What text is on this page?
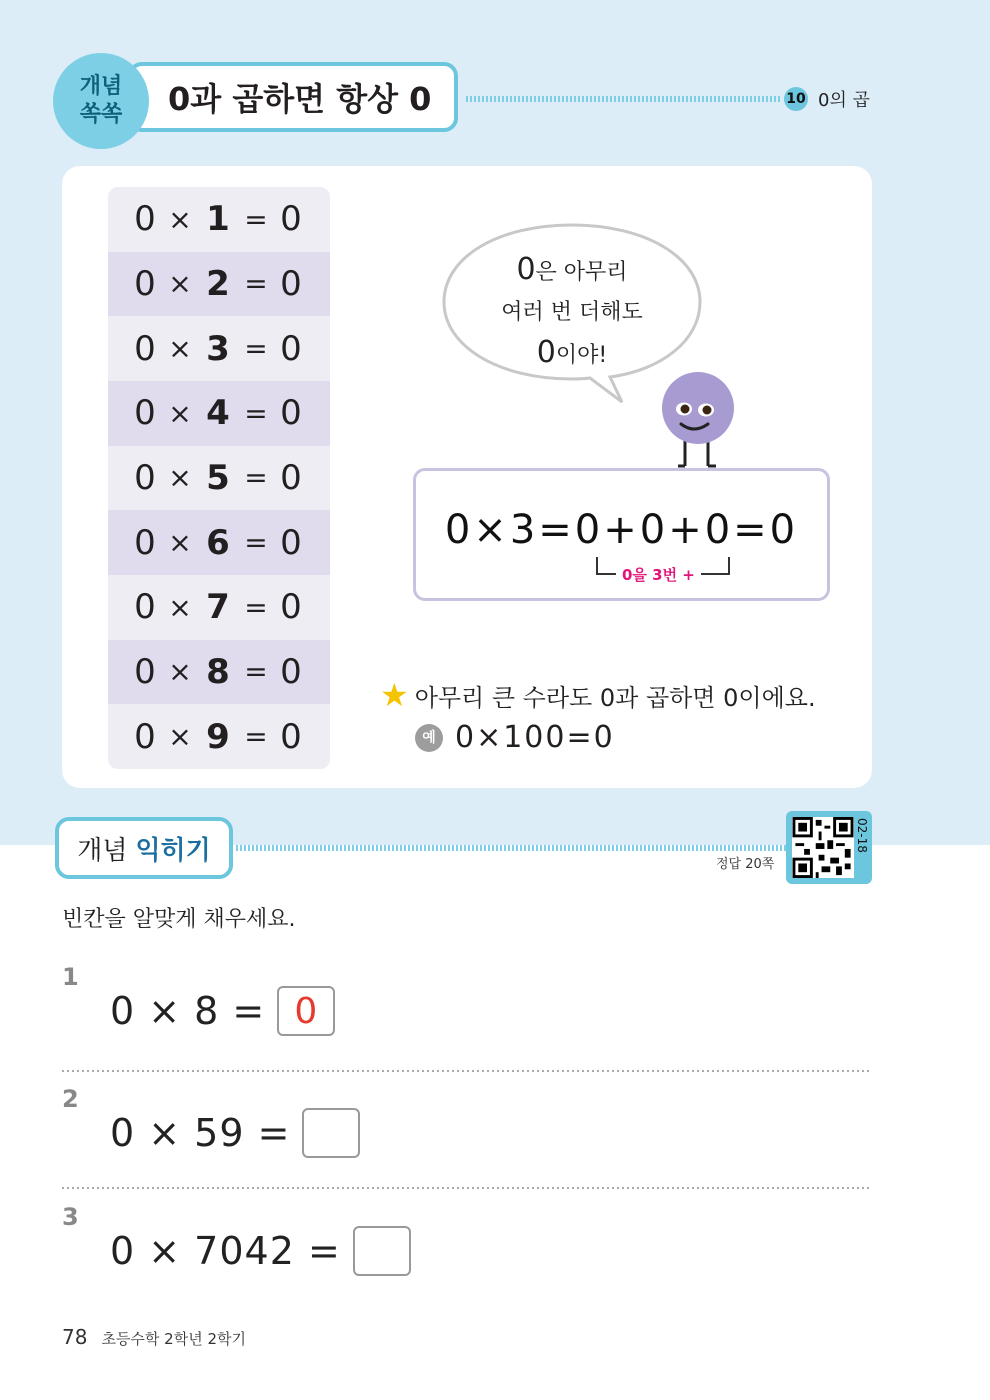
개념
쏙쏙	0과 곱하면 항상 0	10 0의 곱
0 × 1 = 0
0 × 2 = 0
0 × 3 = 0
0 × 4 = 0
0 × 5 = 0
0 × 6 = 0
0 × 7 = 0
0 × 8 = 0
0 × 9 = 0
0은 아무리
여러 번 더해도
0이야!
0×3=0+0+0=0
0을 3번 +
★ 아무리 큰 수라도 0과 곱하면 0이에요.
예 0×100=0
개념 익히기	정답 20쪽
02-18
빈칸을 알맞게 채우세요.
1
0 × 8 = 0
2
0 × 59 =
3
0 × 7042 =
78 초등수학 2학년 2학기
